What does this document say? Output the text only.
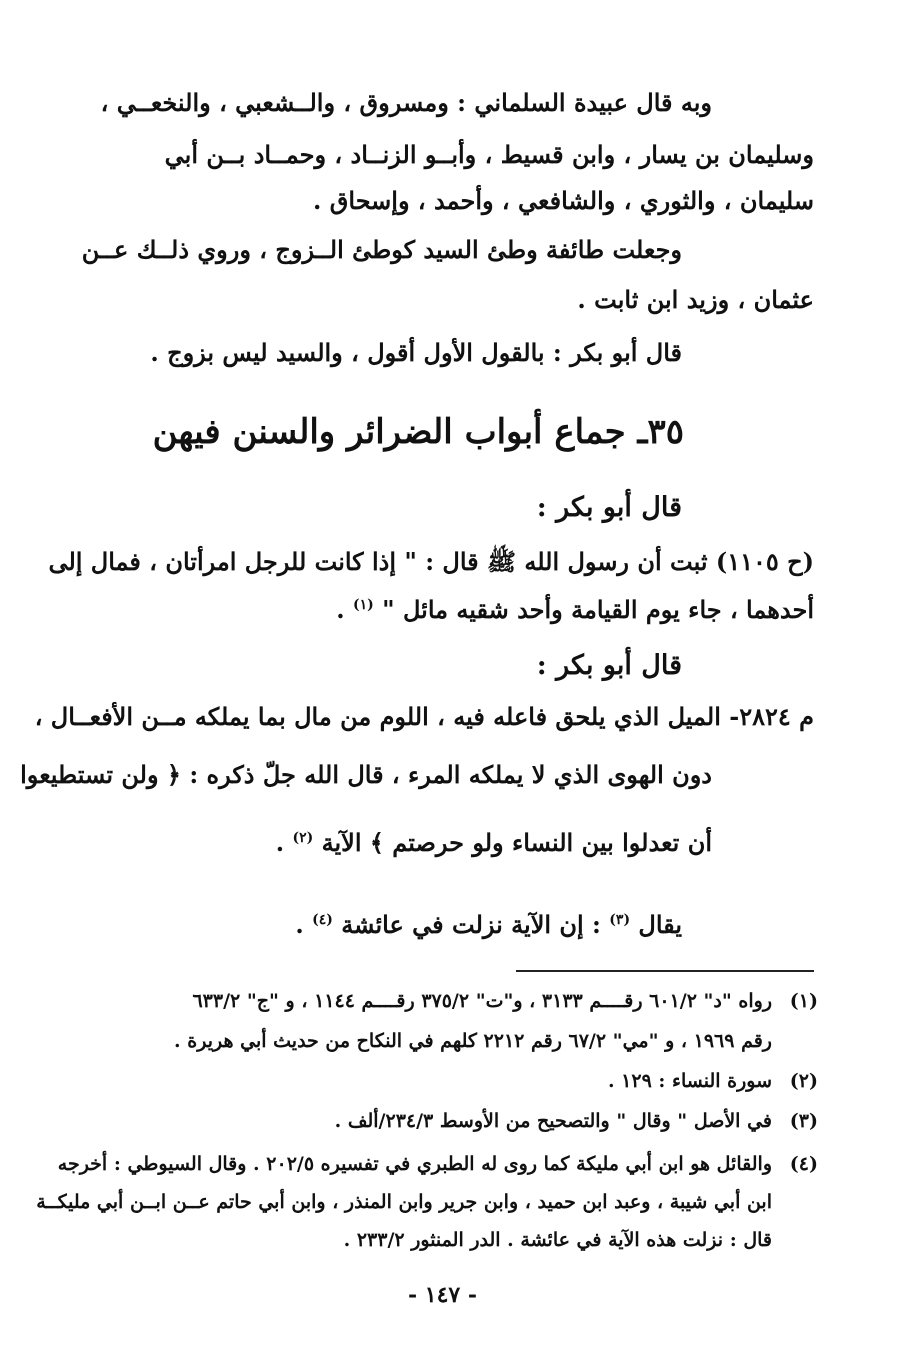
وبه قال عبيدة السلماني : ومسروق ، والــشعبي ، والنخعــي ،
وسليمان بن يسار ، وابن قسيط ، وأبــو الزنــاد ، وحمــاد بــن أبي
سليمان ، والثوري ، والشافعي ، وأحمد ، وإسحاق .
وجعلت طائفة وطئ السيد كوطئ الــزوج ، وروي ذلــك عــن
عثمان ، وزيد ابن ثابت .
قال أبو بكر : بالقول الأول أقول ، والسيد ليس بزوج .
٣٥ـ جماع أبواب الضرائر والسنن فيهن
قال أبو بكر :
(ح ١١٠٥) ثبت أن رسول الله ﷺ قال : " إذا كانت للرجل امرأتان ، فمال إلى
أحدهما ، جاء يوم القيامة وأحد شقيه مائل " $^{(١)}$ .
قال أبو بكر :
م ٢٨٢٤- الميل الذي يلحق فاعله فيه ، اللوم من مال بما يملكه مــن الأفعــال ،
دون الهوى الذي لا يملكه المرء ، قال الله جلّ ذكره : ﴿ ولن تستطيعوا
أن تعدلوا بين النساء ولو حرصتم ﴾ الآية $^{(٢)}$ .
يقال $^{(٣)}$ : إن الآية نزلت في عائشة $^{(٤)}$ .
(١)
رواه "د" ٦٠١/٢ رقــــم ٣١٣٣ ، و"ت" ٣٧٥/٢ رقــــم ١١٤٤ ، و "ج" ٦٣٣/٢
رقم ١٩٦٩ ، و "مي" ٦٧/٢ رقم ٢٢١٢ كلهم في النكاح من حديث أبي هريرة .
(٢)
سورة النساء : ١٢٩ .
(٣)
في الأصل " وقال " والتصحيح من الأوسط ٢٣٤/٣/ألف .
(٤)
والقائل هو ابن أبي مليكة كما روى له الطبري في تفسيره ٢٠٢/٥ . وقال السيوطي : أخرجه
ابن أبي شيبة ، وعبد ابن حميد ، وابن جرير وابن المنذر ، وابن أبي حاتم عــن ابــن أبي مليكــة
قال : نزلت هذه الآية في عائشة . الدر المنثور ٢٣٣/٢ .
- ١٤٧ -
